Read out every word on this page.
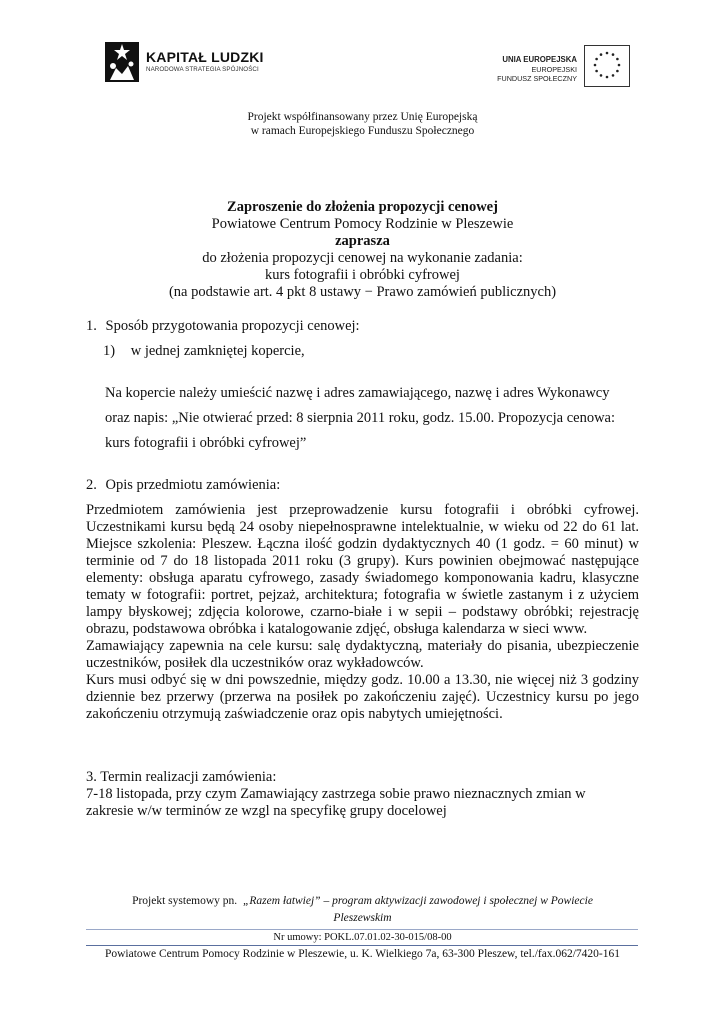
KAPITAŁ LUDZKI
NARODOWA STRATEGIA SPÓJNOŚCI
UNIA EUROPEJSKA
EUROPEJSKI
FUNDUSZ SPOŁECZNY
Projekt współfinansowany przez Unię Europejską
w ramach Europejskiego Funduszu Społecznego
Zaproszenie do złożenia propozycji cenowej
Powiatowe Centrum Pomocy Rodzinie w Pleszewie
zaprasza
do złożenia propozycji cenowej na wykonanie zadania:
kurs fotografii i obróbki cyfrowej
(na podstawie art. 4 pkt 8 ustawy − Prawo zamówień publicznych)
1. Sposób przygotowania propozycji cenowej:
1) w jednej zamkniętej kopercie,
Na kopercie należy umieścić nazwę i adres zamawiającego, nazwę i adres Wykonawcy
oraz napis: „Nie otwierać przed: 8 sierpnia 2011 roku, godz. 15.00. Propozycja cenowa:
kurs fotografii i obróbki cyfrowej”
2. Opis przedmiotu zamówienia:
Przedmiotem zamówienia jest przeprowadzenie kursu fotografii i obróbki cyfrowej. Uczestnikami kursu będą 24 osoby niepełnosprawne intelektualnie, w wieku od 22 do 61 lat. Miejsce szkolenia: Pleszew. Łączna ilość godzin dydaktycznych 40 (1 godz. = 60 minut) w terminie od 7 do 18 listopada 2011 roku (3 grupy). Kurs powinien obejmować następujące elementy: obsługa aparatu cyfrowego, zasady świadomego komponowania kadru, klasyczne tematy w fotografii: portret, pejzaż, architektura; fotografia w świetle zastanym i z użyciem lampy błyskowej; zdjęcia kolorowe, czarno-białe i w sepii – podstawy obróbki; rejestrację obrazu, podstawowa obróbka i katalogowanie zdjęć, obsługa kalendarza w sieci www.
Zamawiający zapewnia na cele kursu: salę dydaktyczną, materiały do pisania, ubezpieczenie uczestników, posiłek dla uczestników oraz wykładowców.
Kurs musi odbyć się w dni powszednie, między godz. 10.00 a 13.30, nie więcej niż 3 godziny dziennie bez przerwy (przerwa na posiłek po zakończeniu zajęć). Uczestnicy kursu po jego zakończeniu otrzymują zaświadczenie oraz opis nabytych umiejętności.
3. Termin realizacji zamówienia:
7-18 listopada, przy czym Zamawiający zastrzega sobie prawo nieznacznych zmian w
zakresie w/w terminów ze wzgl na specyfikę grupy docelowej
Projekt systemowy pn. „Razem łatwiej” – program aktywizacji zawodowej i społecznej w Powiecie
Pleszewskim
Nr umowy: POKL.07.01.02-30-015/08-00
Powiatowe Centrum Pomocy Rodzinie w Pleszewie, u. K. Wielkiego 7a, 63-300 Pleszew, tel./fax.062/7420-161
